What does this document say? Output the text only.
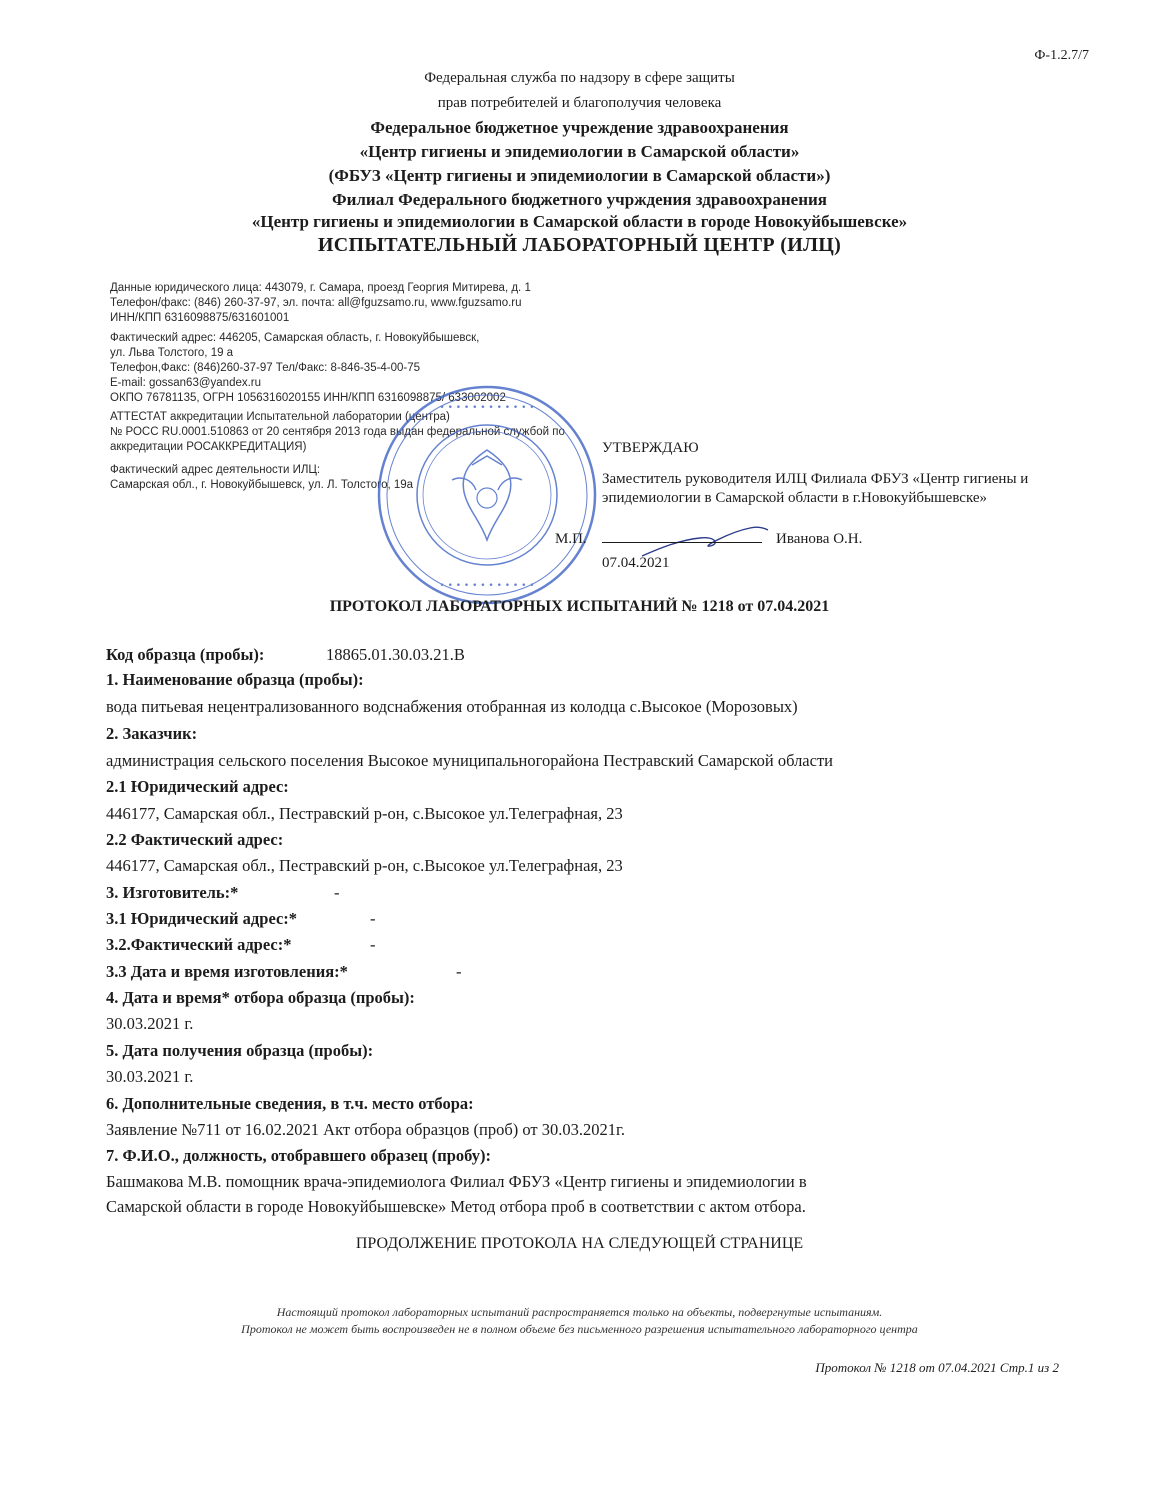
Ф-1.2.7/7
Федеральная служба по надзору в сфере защиты
прав потребителей и благополучия человека
Федеральное бюджетное учреждение здравоохранения
«Центр гигиены и эпидемиологии в Самарской области»
(ФБУЗ «Центр гигиены и эпидемиологии в Самарской области»)
Филиал Федерального бюджетного учрждения здравоохранения
«Центр гигиены и эпидемиологии в Самарской области в городе Новокуйбышевске»
ИСПЫТАТЕЛЬНЫЙ ЛАБОРАТОРНЫЙ ЦЕНТР (ИЛЦ)
Данные юридического лица: 443079, г. Самара, проезд Георгия Митирева, д. 1
Телефон/факс: (846) 260-37-97, эл. почта: all@fguzsamo.ru, www.fguzsamo.ru
ИНН/КПП 6316098875/631601001
Фактический адрес: 446205, Самарская область, г. Новокуйбышевск,
ул. Льва Толстого, 19 а
Телефон,Факс: (846)260-37-97 Тел/Факс: 8-846-35-4-00-75
E-mail: gossan63@yandex.ru
ОКПО 76781135, ОГРН 1056316020155 ИНН/КПП 6316098875/ 633002002
АТТЕСТАТ аккредитации Испытательной лаборатории (центра)
№ РОСС RU.0001.510863 от 20 сентября 2013 года выдан федеральной службой по
аккредитации РОСАККРЕДИТАЦИЯ)
Фактический адрес деятельности ИЛЦ:
Самарская обл., г. Новокуйбышевск, ул. Л. Толстого, 19а
• • • • • • • • • • • •
• • • • • • • • • • • •
УТВЕРЖДАЮ
Заместитель руководителя ИЛЦ Филиала ФБУЗ «Центр гигиены и эпидемиологии в Самарской области в г.Новокуйбышевске»
М.П.	Иванова О.Н.
07.04.2021
ПРОТОКОЛ ЛАБОРАТОРНЫХ ИСПЫТАНИЙ № 1218 от 07.04.2021
Код образца (пробы):	18865.01.30.03.21.В
1. Наименование образца (пробы):
вода питьевая нецентрализованного водснабжения отобранная из колодца с.Высокое (Морозовых)
2. Заказчик:
администрация сельского поселения Высокое муниципальногорайона Пестравский Самарской области
2.1 Юридический адрес:
446177, Самарская обл., Пестравский р-он, с.Высокое ул.Телеграфная, 23
2.2 Фактический адрес:
446177, Самарская обл., Пестравский р-он, с.Высокое ул.Телеграфная, 23
3. Изготовитель:*	-
3.1 Юридический адрес:*	-
3.2.Фактический адрес:*	-
3.3 Дата и время изготовления:*	-
4. Дата и время* отбора образца (пробы):
30.03.2021 г.
5. Дата получения образца (пробы):
30.03.2021 г.
6. Дополнительные сведения, в т.ч. место отбора:
Заявление №711 от 16.02.2021 Акт отбора образцов (проб) от 30.03.2021г.
7. Ф.И.О., должность, отобравшего образец (пробу):
Башмакова М.В. помощник врача-эпидемиолога Филиал ФБУЗ «Центр гигиены и эпидемиологии в
Самарской области в городе Новокуйбышевске» Метод отбора проб в соответствии с актом отбора.
ПРОДОЛЖЕНИЕ ПРОТОКОЛА НА СЛЕДУЮЩЕЙ СТРАНИЦЕ
Настоящий протокол лабораторных испытаний распространяется только на объекты, подвергнутые испытаниям.
Протокол не может быть воспроизведен не в полном объеме без письменного разрешения испытательного лабораторного центра
Протокол № 1218 от 07.04.2021 Стр.1 из 2
